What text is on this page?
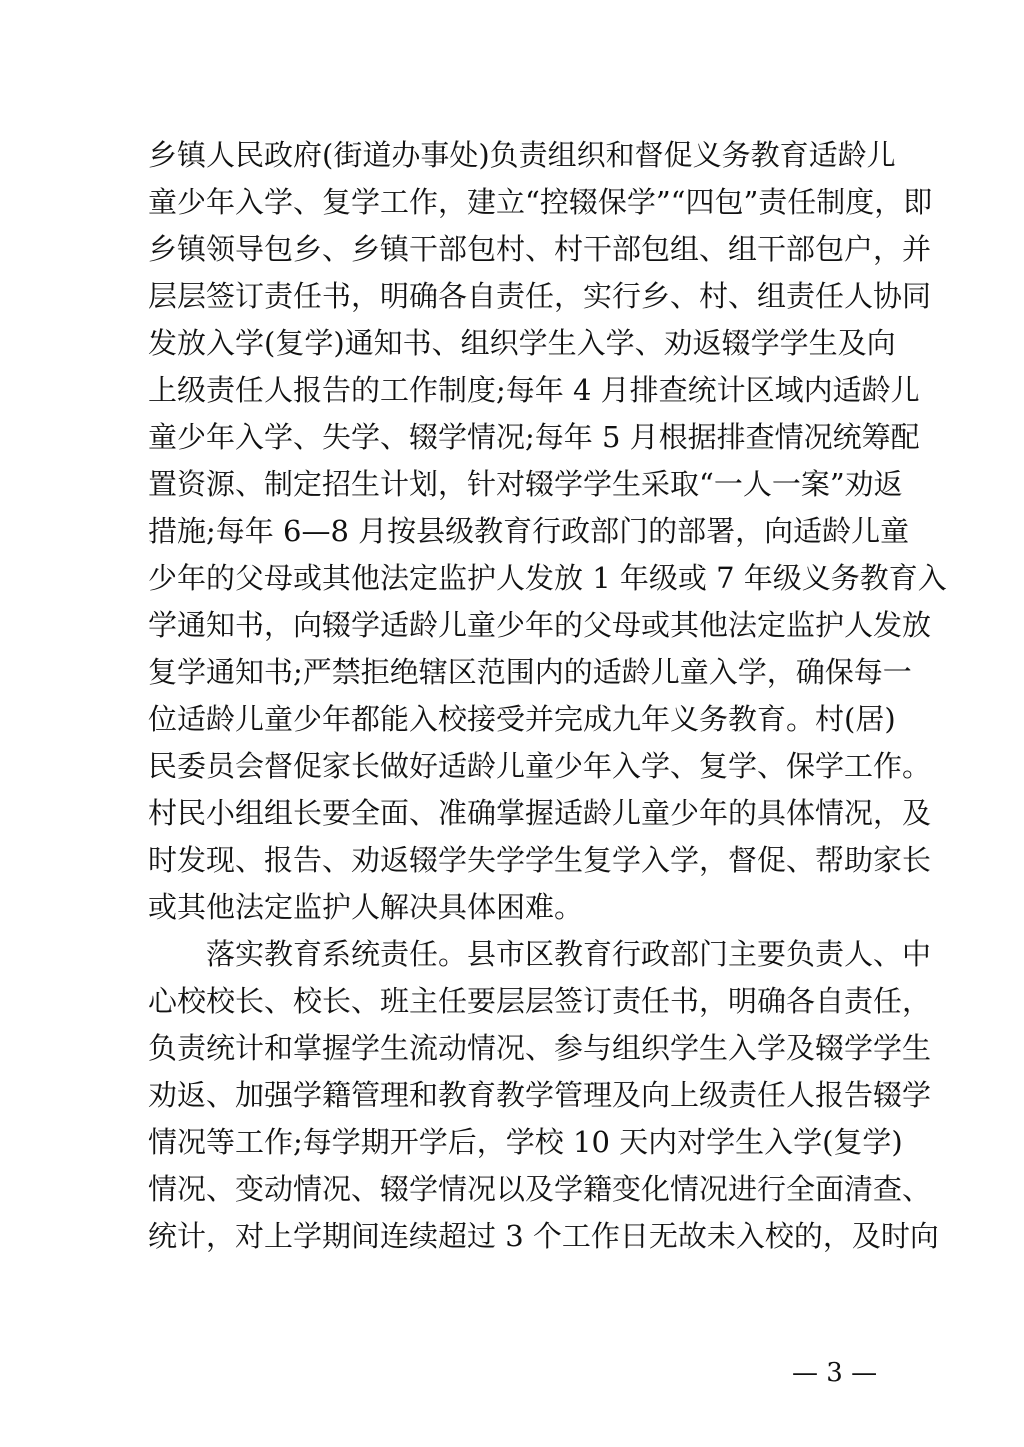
乡镇人民政府(街道办事处)负责组织和督促义务教育适龄儿
童少年入学、复学工作，建立“控辍保学”“四包”责任制度，即
乡镇领导包乡、乡镇干部包村、村干部包组、组干部包户，并
层层签订责任书，明确各自责任，实行乡、村、组责任人协同
发放入学(复学)通知书、组织学生入学、劝返辍学学生及向
上级责任人报告的工作制度;每年 4 月排查统计区域内适龄儿
童少年入学、失学、辍学情况;每年 5 月根据排查情况统筹配
置资源、制定招生计划，针对辍学学生采取“一人一案”劝返
措施;每年 6—8 月按县级教育行政部门的部署，向适龄儿童
少年的父母或其他法定监护人发放 1 年级或 7 年级义务教育入
学通知书，向辍学适龄儿童少年的父母或其他法定监护人发放
复学通知书;严禁拒绝辖区范围内的适龄儿童入学，确保每一
位适龄儿童少年都能入校接受并完成九年义务教育。村(居)
民委员会督促家长做好适龄儿童少年入学、复学、保学工作。
村民小组组长要全面、准确掌握适龄儿童少年的具体情况，及
时发现、报告、劝返辍学失学学生复学入学，督促、帮助家长
或其他法定监护人解决具体困难。
落实教育系统责任。县市区教育行政部门主要负责人、中
心校校长、校长、班主任要层层签订责任书，明确各自责任，
负责统计和掌握学生流动情况、参与组织学生入学及辍学学生
劝返、加强学籍管理和教育教学管理及向上级责任人报告辍学
情况等工作;每学期开学后，学校 10 天内对学生入学(复学)
情况、变动情况、辍学情况以及学籍变化情况进行全面清查、
统计，对上学期间连续超过 3 个工作日无故未入校的，及时向
— 3 —
